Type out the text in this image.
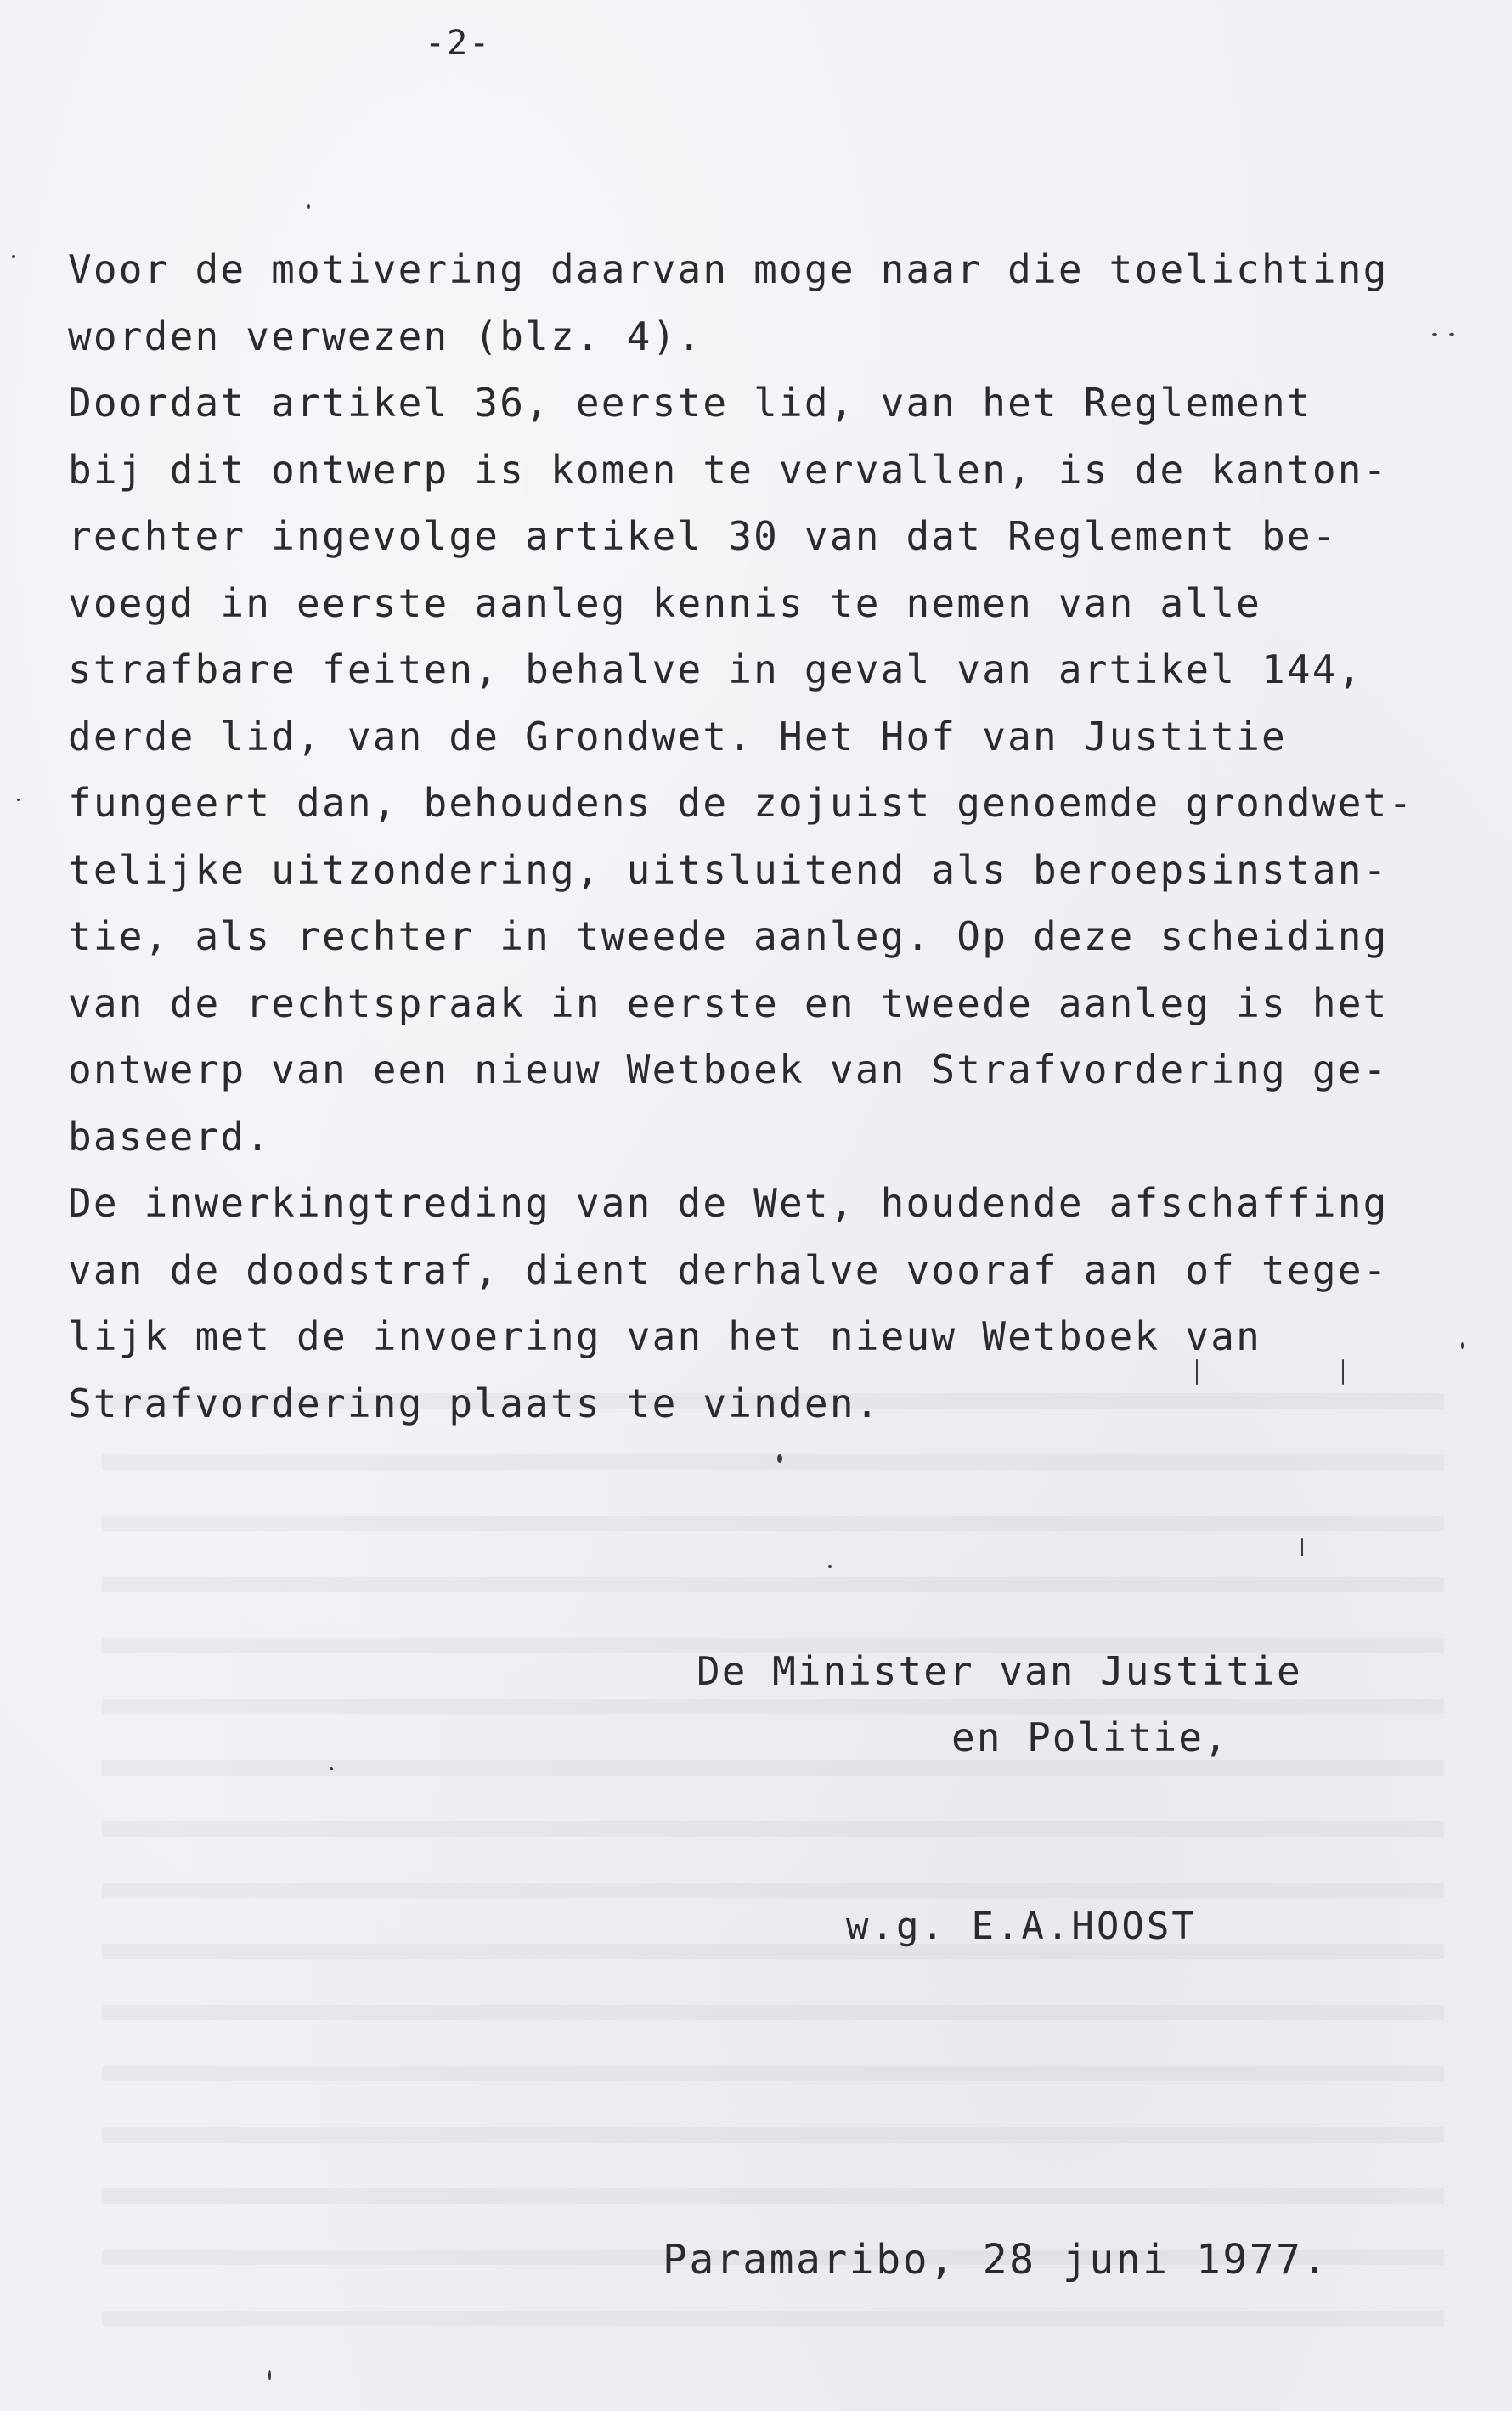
-2-
Voor de motivering daarvan moge naar die toelichting
worden verwezen (blz. 4).
Doordat artikel 36, eerste lid, van het Reglement
bij dit ontwerp is komen te vervallen, is de kanton-
rechter ingevolge artikel 30 van dat Reglement be-
voegd in eerste aanleg kennis te nemen van alle
strafbare feiten, behalve in geval van artikel 144,
derde lid, van de Grondwet. Het Hof van Justitie
fungeert dan, behoudens de zojuist genoemde grondwet-
telijke uitzondering, uitsluitend als beroepsinstan-
tie, als rechter in tweede aanleg. Op deze scheiding
van de rechtspraak in eerste en tweede aanleg is het
ontwerp van een nieuw Wetboek van Strafvordering ge-
baseerd.
De inwerkingtreding van de Wet, houdende afschaffing
van de doodstraf, dient derhalve vooraf aan of tege-
lijk met de invoering van het nieuw Wetboek van
Strafvordering plaats te vinden.
De Minister van Justitie
en Politie,
w.g. E.A.HOOST
Paramaribo, 28 juni 1977.
